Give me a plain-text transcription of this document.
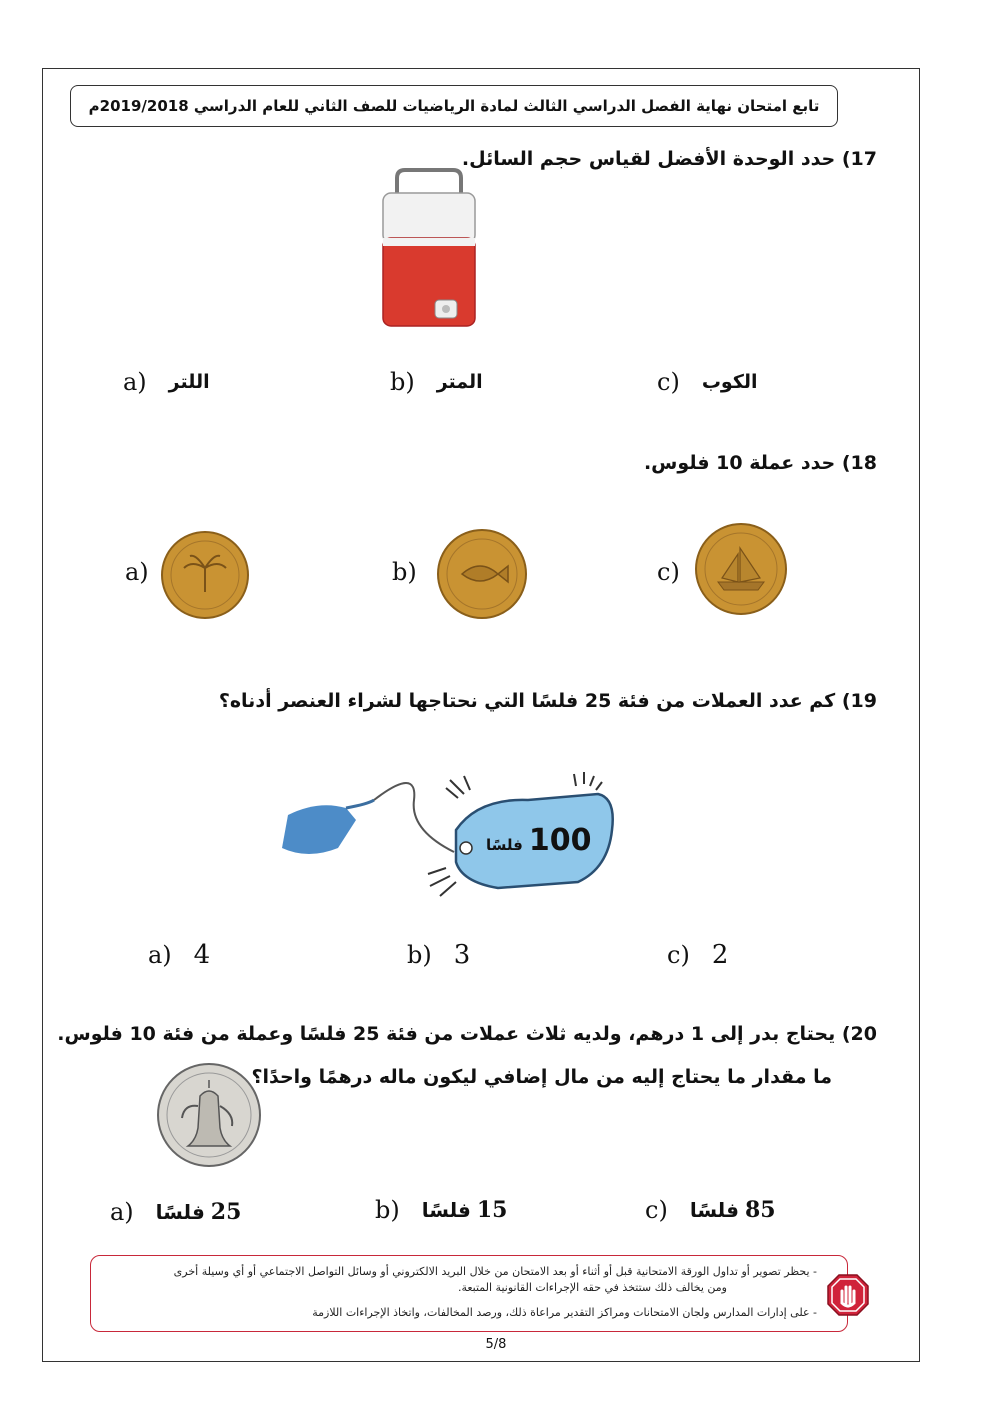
تابع امتحان نهاية الفصل الدراسي الثالث لمادة الرياضيات للصف الثاني للعام الدراسي 2019/2018م
17) حدد الوحدة الأفضل لقياس حجم السائل.
a) اللتر	b) المتر	c) الكوب
18) حدد عملة 10 فلوس.
a)	b)	c)
19) كم عدد العملات من فئة 25 فلسًا التي نحتاجها لشراء العنصر أدناه؟
فلسًا 100
a) 4	b) 3	c) 2
20) يحتاج بدر إلى 1 درهم، ولديه ثلاث عملات من فئة 25 فلسًا وعملة من فئة 10 فلوس.
ما مقدار ما يحتاج إليه من مال إضافي ليكون ماله درهمًا واحدًا؟
a)	25
فلسًا	b)	15
فلسًا	c)	85
فلسًا
- يحظر تصوير أو تداول الورقة الامتحانية قبل أو أثناء أو بعد الامتحان من خلال البريد الالكتروني أو وسائل التواصل الاجتماعي أو أي وسيلة أخرى
ومن يخالف ذلك ستتخذ في حقه الإجراءات القانونية المتبعة.
- على إدارات المدارس ولجان الامتحانات ومراكز التقدير مراعاة ذلك، ورصد المخالفات، واتخاذ الإجراءات اللازمة
5/8
